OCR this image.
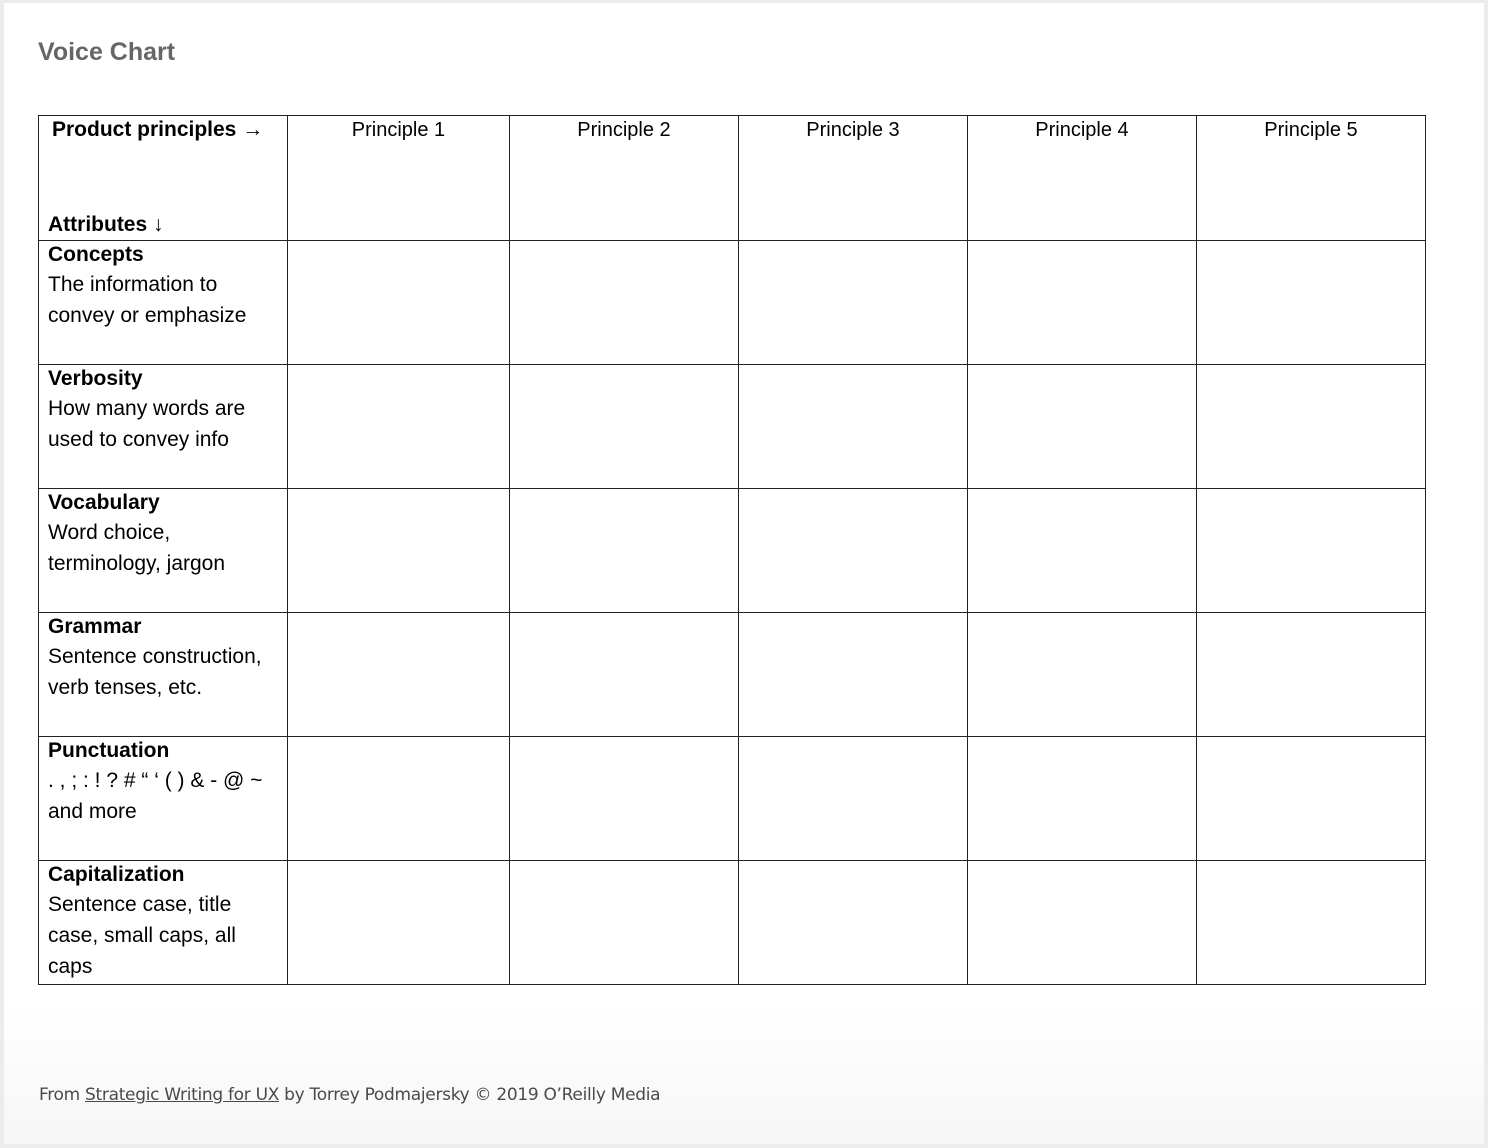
Voice Chart
Product principles →
Attributes ↓	Principle 1	Principle 2	Principle 3	Principle 4	Principle 5

Concepts
The information to convey or emphasize					

Verbosity
How many words are used to convey info					

Vocabulary
Word choice, terminology, jargon					

Grammar
Sentence construction, verb tenses, etc.					

Punctuation
. , ; : ! ? # “ ‘ ( ) & - @ ~ and more					

Capitalization
Sentence case, title case, small caps, all caps					

From Strategic Writing for UX by Torrey Podmajersky © 2019 O’Reilly Media
